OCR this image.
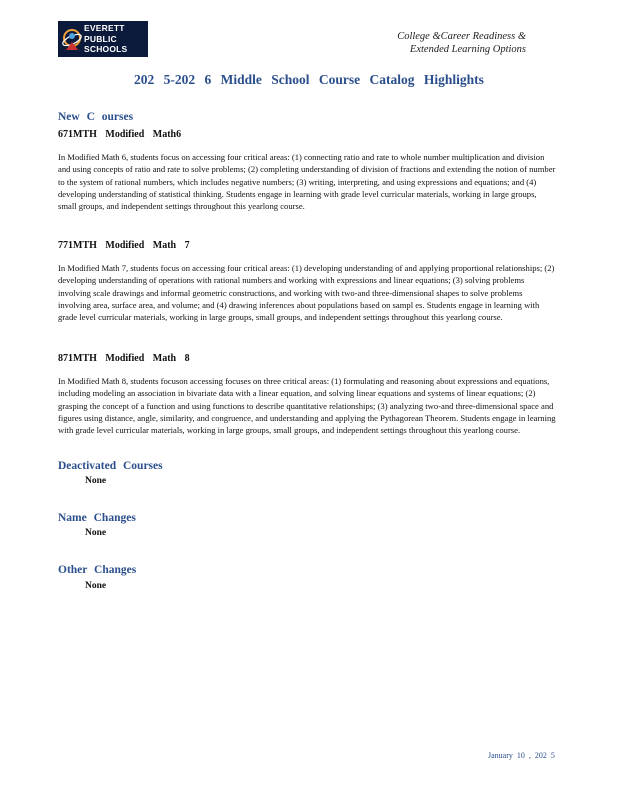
EVERETT
PUBLIC
SCHOOLS
College &Career Readiness &
Extended Learning Options
202 5-202 6 Middle School Course Catalog Highlights
New C ourses
671MTH Modified Math6
In Modified Math 6, students focus on accessing four critical areas: (1) connecting ratio and rate to whole number multiplication and division and using concepts of ratio and rate to solve problems; (2) completing understanding of division of fractions and extending the notion of number to the system of rational numbers, which includes negative numbers; (3) writing, interpreting, and using expressions and equations; and (4) developing understanding of statistical thinking. Students engage in learning with grade level curricular materials, working in large groups, small groups, and independent settings throughout this yearlong course.
771MTH Modified Math 7
In Modified Math 7, students focus on accessing four critical areas: (1) developing understanding of and applying proportional relationships; (2) developing understanding of operations with rational numbers and working with expressions and linear equations; (3) solving problems involving scale drawings and informal geometric constructions, and working with two-and three-dimensional shapes to solve problems involving area, surface area, and volume; and (4) drawing inferences about populations based on sampl es. Students engage in learning with grade level curricular materials, working in large groups, small groups, and independent settings throughout this yearlong course.
871MTH Modified Math 8
In Modified Math 8, students focuson accessing focuses on three critical areas: (1) formulating and reasoning about expressions and equations, including modeling an association in bivariate data with a linear equation, and solving linear equations and systems of linear equations; (2) grasping the concept of a function and using functions to describe quantitative relationships; (3) analyzing two-and three-dimensional space and figures using distance, angle, similarity, and congruence, and understanding and applying the Pythagorean Theorem. Students engage in learning with grade level curricular materials, working in large groups, small groups, and independent settings throughout this yearlong course.
Deactivated Courses
None
Name Changes
None
Other Changes
None
January 10 , 202 5
